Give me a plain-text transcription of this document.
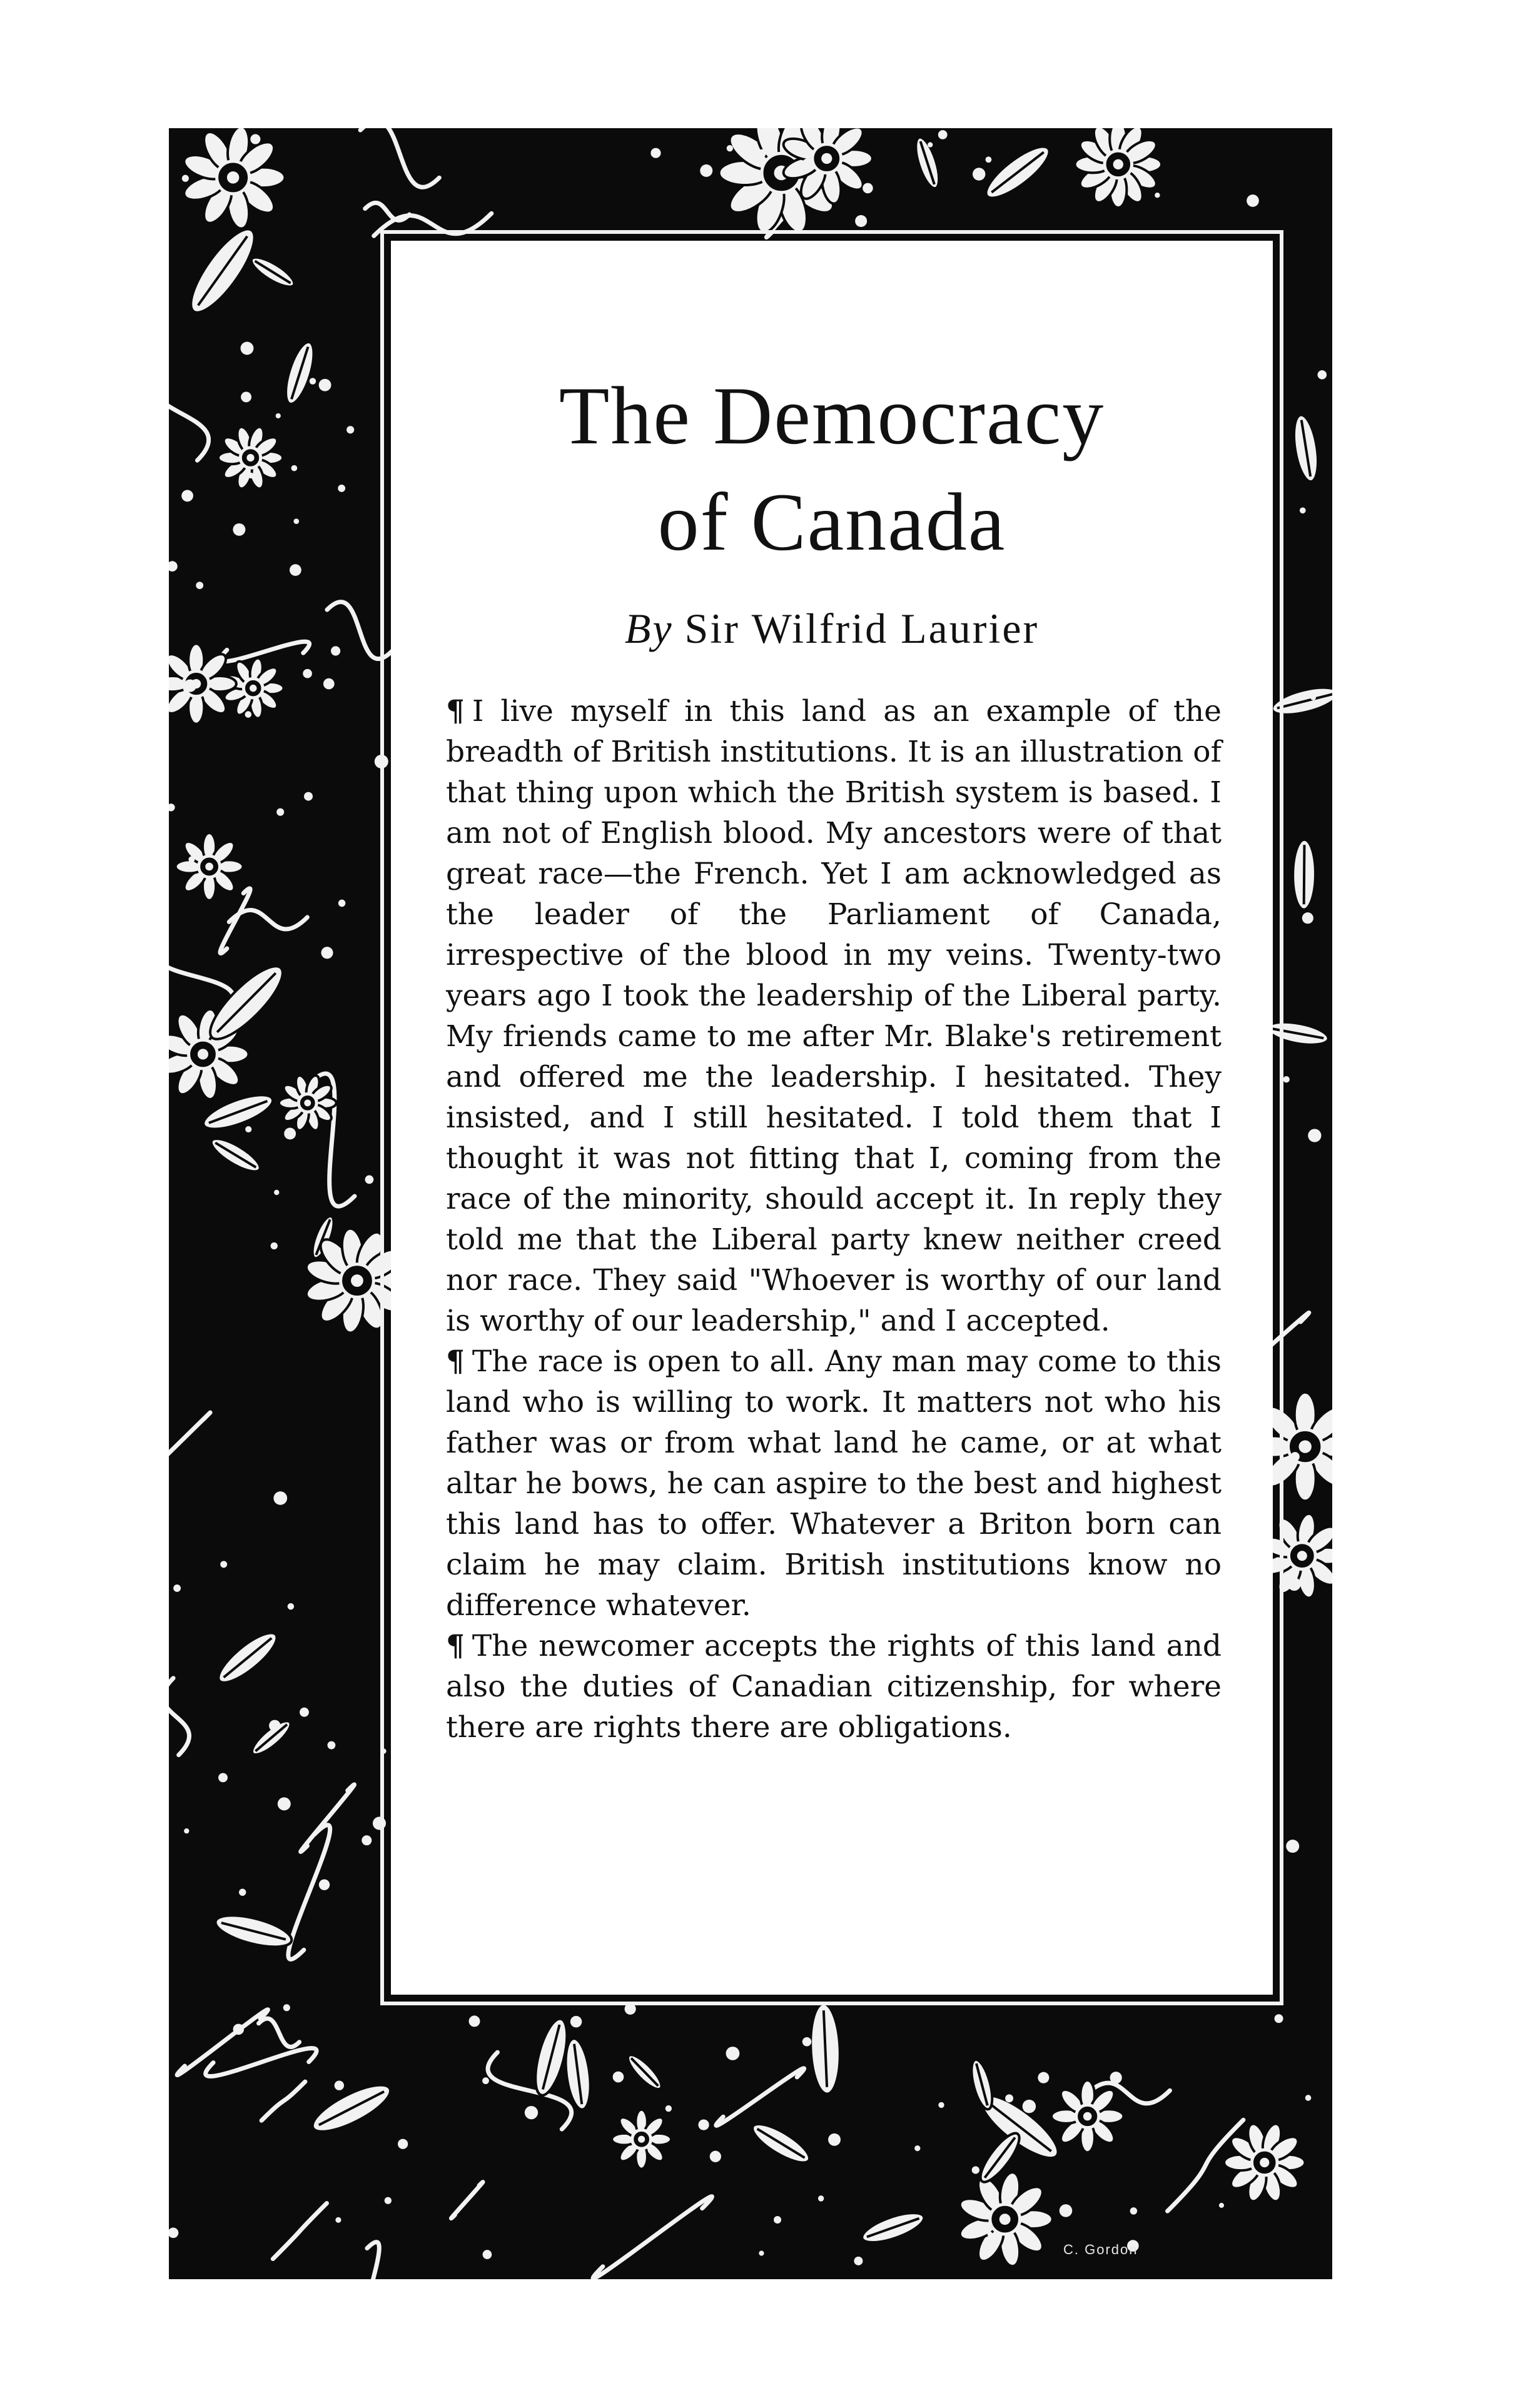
The Democracy
of Canada
By Sir Wilfrid Laurier

¶ I live myself in this land as an example of the breadth of British institutions. It is an illustration of that thing upon which the British system is based. I am not of English blood. My ancestors were of that great race—the French. Yet I am acknowledged as the leader of the Parliament of Canada, irrespective of the blood in my veins. Twenty-two years ago I took the leadership of the Liberal party. My friends came to me after Mr. Blake's retirement and offered me the leadership. I hesitated. They insisted, and I still hesitated. I told them that I thought it was not fitting that I, coming from the race of the minority, should accept it. In reply they told me that the Liberal party knew neither creed nor race. They said "Whoever is worthy of our land is worthy of our leadership," and I accepted.

¶ The race is open to all. Any man may come to this land who is willing to work. It matters not who his father was or from what land he came, or at what altar he bows, he can aspire to the best and highest this land has to offer. Whatever a Briton born can claim he may claim. British institutions know no difference whatever.

¶ The newcomer accepts the rights of this land and also the duties of Canadian citizenship, for where there are rights there are obligations.

C. Gordon
